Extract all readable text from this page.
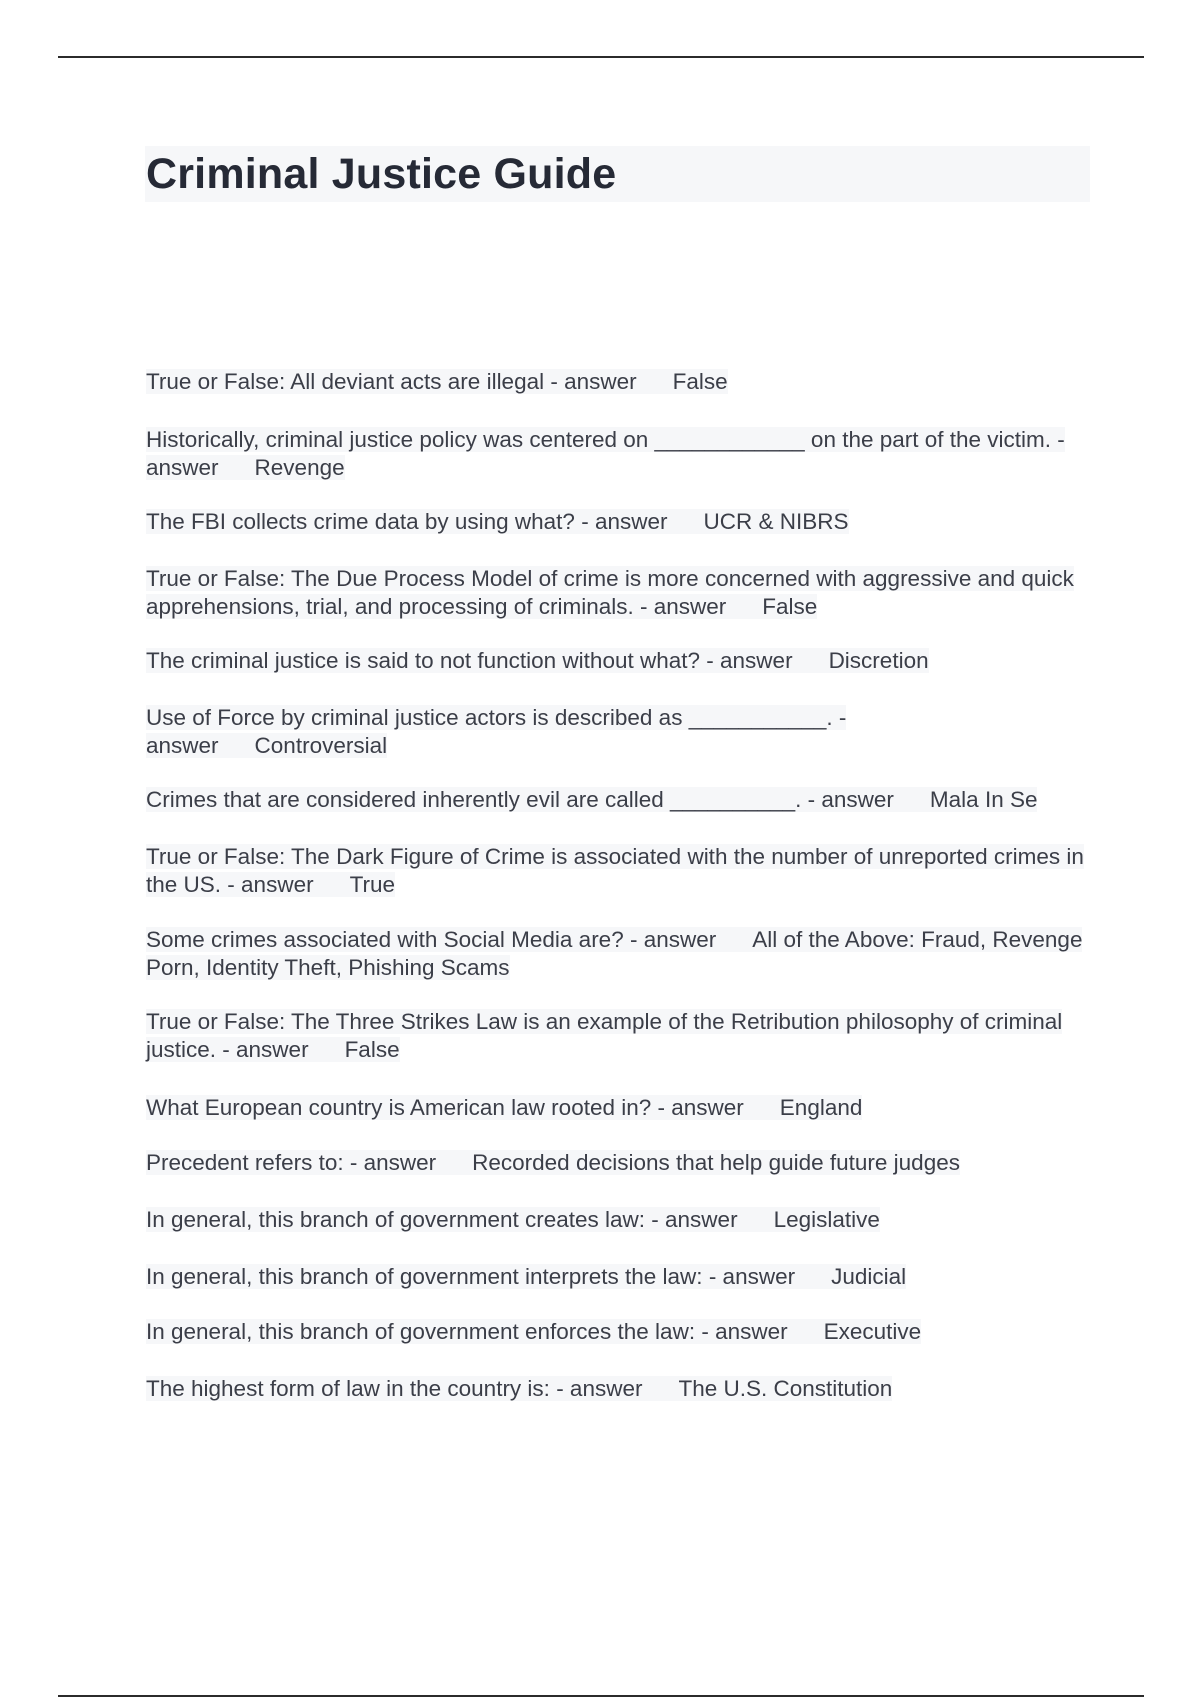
Criminal Justice Guide
True or False: All deviant acts are illegal - answer False
Historically, criminal justice policy was centered on ____________ on the part of the victim. - answer Revenge
The FBI collects crime data by using what? - answer UCR & NIBRS
True or False: The Due Process Model of crime is more concerned with aggressive and quick apprehensions, trial, and processing of criminals. - answer False
The criminal justice is said to not function without what? - answer Discretion
Use of Force by criminal justice actors is described as ___________. - answer Controversial
Crimes that are considered inherently evil are called __________. - answer Mala In Se
True or False: The Dark Figure of Crime is associated with the number of unreported crimes in the US. - answer True
Some crimes associated with Social Media are? - answer All of the Above: Fraud, Revenge Porn, Identity Theft, Phishing Scams
True or False: The Three Strikes Law is an example of the Retribution philosophy of criminal justice. - answer False
What European country is American law rooted in? - answer England
Precedent refers to: - answer Recorded decisions that help guide future judges
In general, this branch of government creates law: - answer Legislative
In general, this branch of government interprets the law: - answer Judicial
In general, this branch of government enforces the law: - answer Executive
The highest form of law in the country is: - answer The U.S. Constitution
